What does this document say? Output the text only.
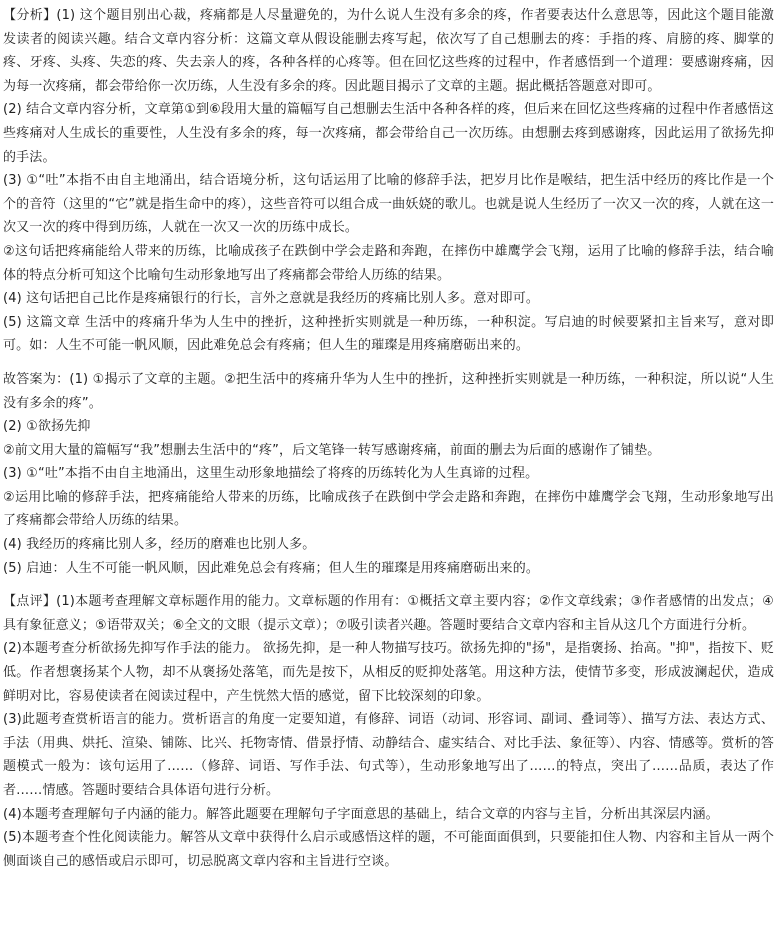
【分析】(1) 这个题目别出心裁，疼痛都是人尽量避免的，为什么说人生没有多余的疼，作者要表达什么意思等，因此这个题目能激发读者的阅读兴趣。结合文章内容分析：这篇文章从假设能删去疼写起，依次写了自己想删去的疼：手指的疼、肩膀的疼、脚掌的疼、牙疼、头疼、失恋的疼、失去亲人的疼，各种各样的心疼等。但在回忆这些疼的过程中，作者感悟到一个道理：要感谢疼痛，因为每一次疼痛，都会带给你一次历练，人生没有多余的疼。因此题目揭示了文章的主题。据此概括答题意对即可。

(2) 结合文章内容分析，文章第①到⑥段用大量的篇幅写自己想删去生活中各种各样的疼，但后来在回忆这些疼痛的过程中作者感悟这些疼痛对人生成长的重要性，人生没有多余的疼，每一次疼痛，都会带给自己一次历练。由想删去疼到感谢疼，因此运用了欲扬先抑的手法。

(3) ①“吐”本指不由自主地涌出，结合语境分析，这句话运用了比喻的修辞手法，把岁月比作是喉结，把生活中经历的疼比作是一个个的音符（这里的“它”就是指生命中的疼），这些音符可以组合成一曲妖娆的歌儿。也就是说人生经历了一次又一次的疼，人就在这一次又一次的疼中得到历练，人就在一次又一次的历练中成长。

②这句话把疼痛能给人带来的历练，比喻成孩子在跌倒中学会走路和奔跑，在摔伤中雄鹰学会飞翔，运用了比喻的修辞手法，结合喻体的特点分析可知这个比喻句生动形象地写出了疼痛都会带给人历练的结果。

(4) 这句话把自己比作是疼痛银行的行长，言外之意就是我经历的疼痛比别人多。意对即可。

(5) 这篇文章 生活中的疼痛升华为人生中的挫折，这种挫折实则就是一种历练，一种积淀。写启迪的时候要紧扣主旨来写，意对即可。如：人生不可能一帆风顺，因此难免总会有疼痛；但人生的璀璨是用疼痛磨砺出来的。

故答案为：(1) ①揭示了文章的主题。②把生活中的疼痛升华为人生中的挫折，这种挫折实则就是一种历练，一种积淀，所以说“人生没有多余的疼”。

(2) ①欲扬先抑

②前文用大量的篇幅写“我”想删去生活中的“疼”，后文笔锋一转写感谢疼痛，前面的删去为后面的感谢作了铺垫。

(3) ①“吐”本指不由自主地涌出，这里生动形象地描绘了将疼的历练转化为人生真谛的过程。

②运用比喻的修辞手法，把疼痛能给人带来的历练，比喻成孩子在跌倒中学会走路和奔跑，在摔伤中雄鹰学会飞翔，生动形象地写出了疼痛都会带给人历练的结果。

(4) 我经历的疼痛比别人多，经历的磨难也比别人多。

(5) 启迪：人生不可能一帆风顺，因此难免总会有疼痛；但人生的璀璨是用疼痛磨砺出来的。

【点评】(1)本题考查理解文章标题作用的能力。文章标题的作用有：①概括文章主要内容；②作文章线索；③作者感情的出发点；④具有象征意义；⑤语带双关；⑥全文的文眼（提示文章）；⑦吸引读者兴趣。答题时要结合文章内容和主旨从这几个方面进行分析。

(2)本题考查分析欲扬先抑写作手法的能力。 欲扬先抑，是一种人物描写技巧。欲扬先抑的"扬"，是指褒扬、抬高。"抑"，指按下、贬低。作者想褒扬某个人物，却不从褒扬处落笔，而先是按下，从相反的贬抑处落笔。用这种方法，使情节多变，形成波澜起伏，造成鲜明对比，容易使读者在阅读过程中，产生恍然大悟的感觉，留下比较深刻的印象。

(3)此题考查赏析语言的能力。赏析语言的角度一定要知道，有修辞、词语（动词、形容词、副词、叠词等）、描写方法、表达方式、手法（用典、烘托、渲染、铺陈、比兴、托物寄情、借景抒情、动静结合、虚实结合、对比手法、象征等）、内容、情感等。赏析的答题模式一般为：该句运用了……（修辞、词语、写作手法、句式等），生动形象地写出了……的特点，突出了……品质，表达了作者……情感。答题时要结合具体语句进行分析。

(4)本题考查理解句子内涵的能力。解答此题要在理解句子字面意思的基础上，结合文章的内容与主旨，分析出其深层内涵。

(5)本题考查个性化阅读能力。解答从文章中获得什么启示或感悟这样的题，不可能面面俱到，只要能扣住人物、内容和主旨从一两个侧面谈自己的感悟或启示即可，切忌脱离文章内容和主旨进行空谈。
